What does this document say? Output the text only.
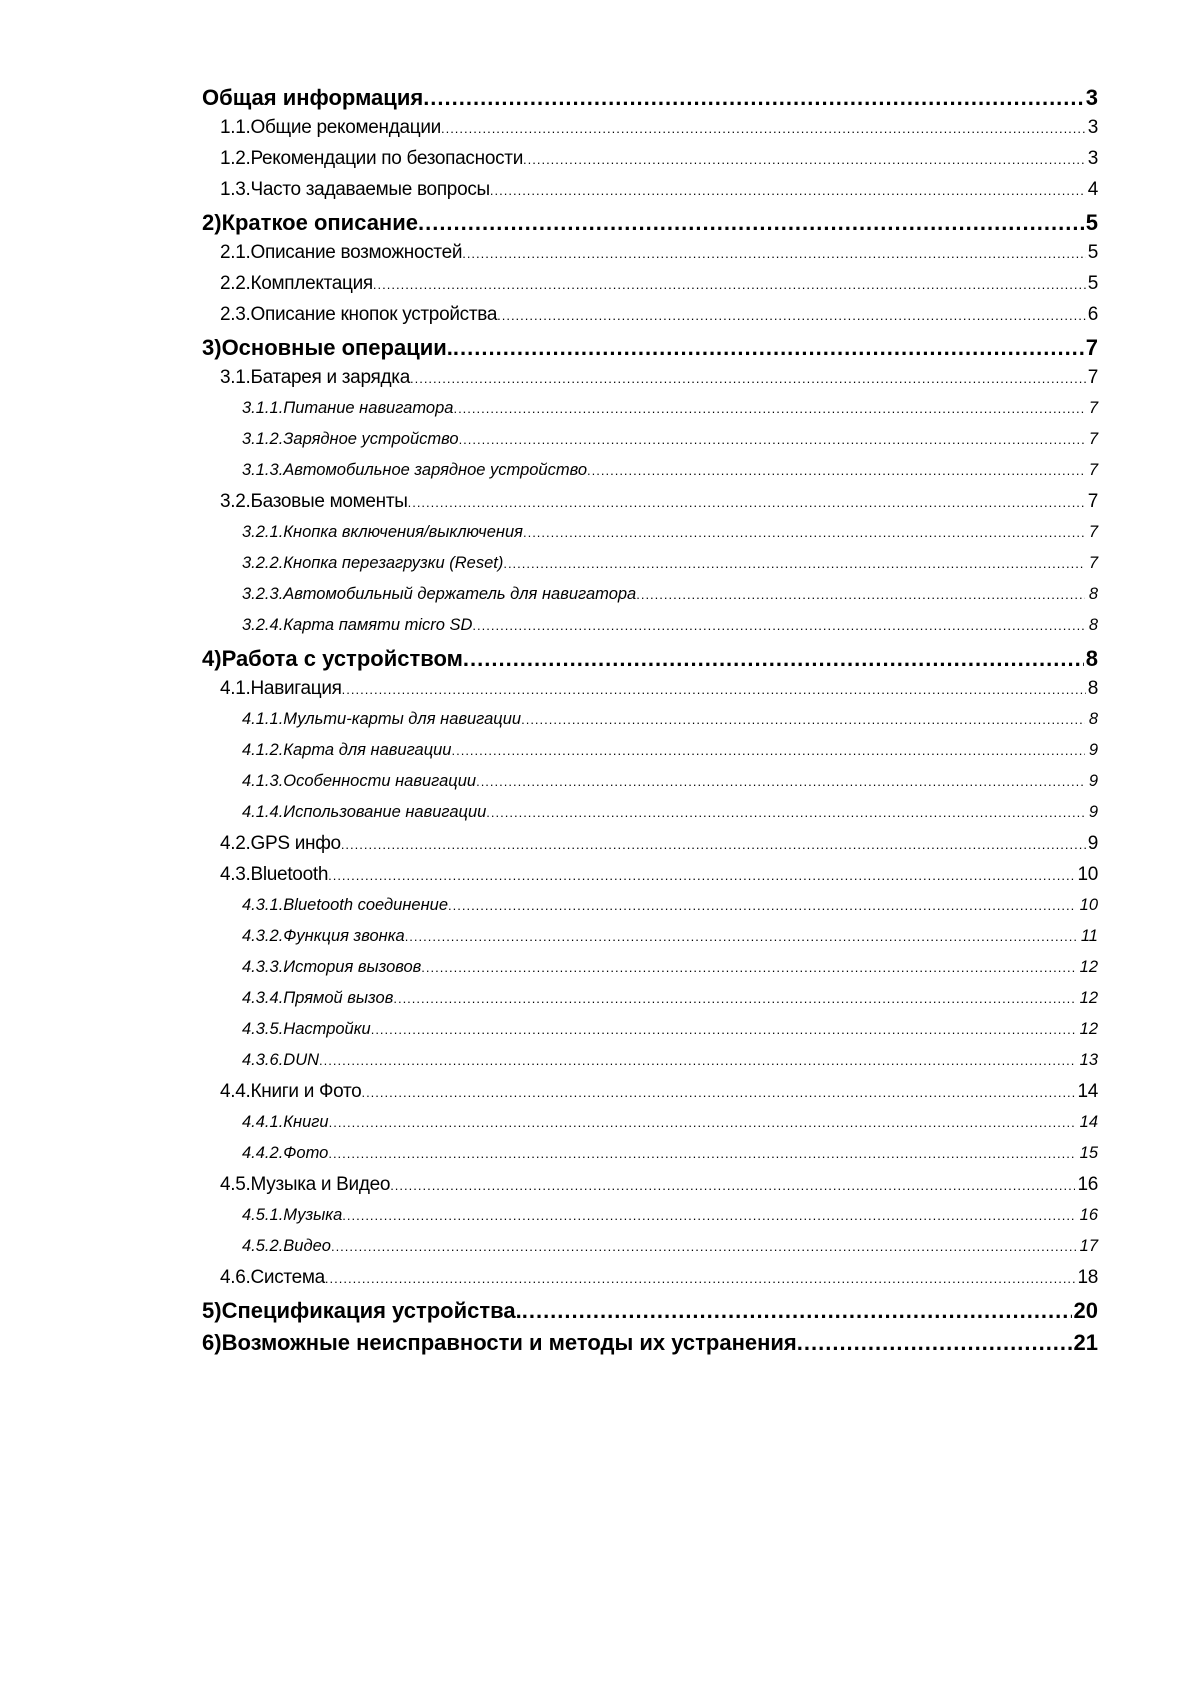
Общая информация .....	3
1.1. Общие рекомендации .....	3
1.2. Рекомендации по безопасности .....	3
1.3. Часто задаваемые вопросы .....	4
2) Краткое описание .....	5
2.1. Описание возможностей .....	5
2.2. Комплектация .....	5
2.3. Описание кнопок устройства .....	6
3) Основные операции. .....	7
3.1. Батарея и зарядка .....	7
3.1.1. Питание навигатора .....	7
3.1.2. Зарядное устройство .....	7
3.1.3. Автомобильное зарядное устройство .....	7
3.2. Базовые моменты .....	7
3.2.1. Кнопка включения/выключения .....	7
3.2.2. Кнопка перезагрузки (Reset) .....	7
3.2.3. Автомобильный держатель для навигатора .....	8
3.2.4. Карта памяти micro SD .....	8
4) Работа с устройством .....	8
4.1. Навигация .....	8
4.1.1. Мульти-карты для навигации .....	8
4.1.2. Карта для навигации .....	9
4.1.3. Особенности навигации .....	9
4.1.4. Использование навигации .....	9
4.2. GPS инфо .....	9
4.3. Bluetooth .....	10
4.3.1. Bluetooth соединение .....	10
4.3.2. Функция звонка .....	11
4.3.3. История вызовов .....	12
4.3.4. Прямой вызов .....	12
4.3.5. Настройки .....	12
4.3.6. DUN .....	13
4.4. Книги и Фото .....	14
4.4.1. Книги .....	14
4.4.2. Фото .....	15
4.5. Музыка и Видео .....	16
4.5.1. Музыка .....	16
4.5.2. Видео .....	17
4.6. Система .....	18
5) Спецификация устройства. .....	20
6) Возможные неисправности и методы их устранения .....	21
